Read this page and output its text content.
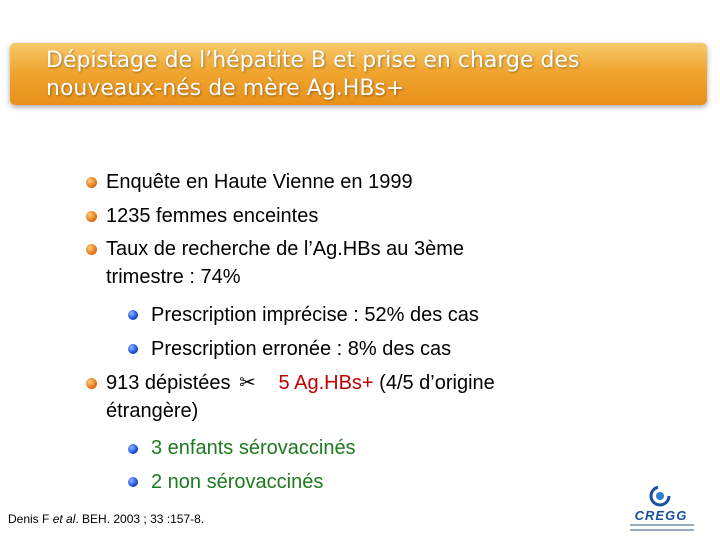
Dépistage de l’hépatite B et prise en charge des
nouveaux-nés de mère Ag.HBs+
Enquête en Haute Vienne en 1999
1235 femmes enceintes
Taux de recherche de l’Ag.HBs au 3ème
trimestre : 74%
Prescription imprécise : 52% des cas
Prescription erronée : 8% des cas
913 dépistées ✂ 5 Ag.HBs+ (4/5 d’origine
étrangère)
3 enfants sérovaccinés
2 non sérovaccinés
Denis F et al. BEH. 2003 ; 33 :157-8.	CREGG
